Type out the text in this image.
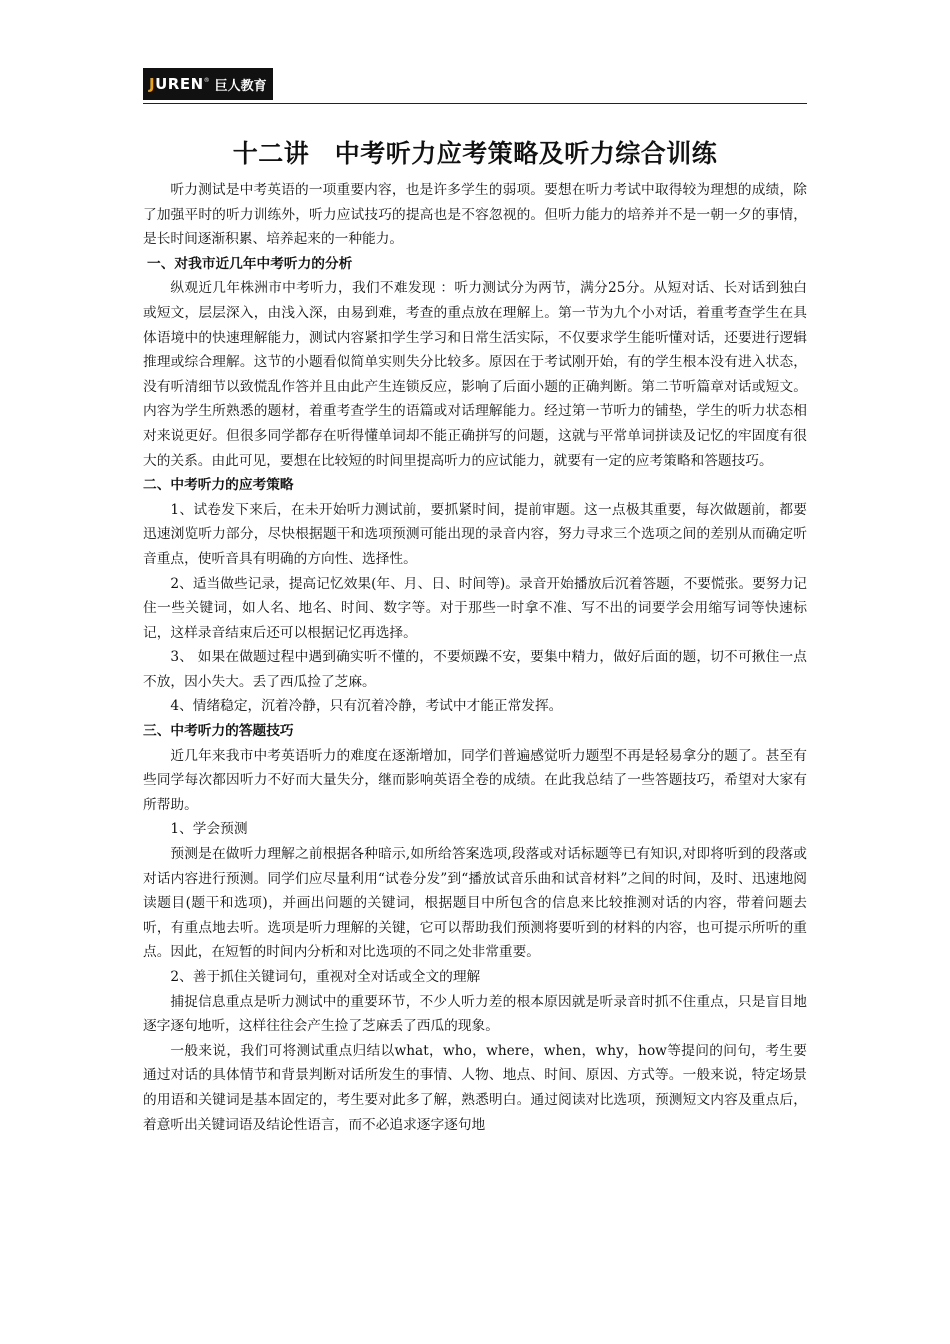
JUREN ® 巨人教育
十二讲　中考听力应考策略及听力综合训练

听力测试是中考英语的一项重要内容，也是许多学生的弱项。要想在听力考试中取得较为理想的成绩，除了加强平时的听力训练外，听力应试技巧的提高也是不容忽视的。但听力能力的培养并不是一朝一夕的事情，是长时间逐渐积累、培养起来的一种能力。

一、对我市近几年中考听力的分析

纵观近几年株洲市中考听力，我们不难发现 ：听力测试分为两节，满分25分。从短对话、长对话到独白或短文，层层深入，由浅入深，由易到难，考查的重点放在理解上。第一节为九个小对话，着重考查学生在具体语境中的快速理解能力，测试内容紧扣学生学习和日常生活实际，不仅要求学生能听懂对话，还要进行逻辑推理或综合理解。这节的小题看似简单实则失分比较多。原因在于考试刚开始，有的学生根本没有进入状态，没有听清细节以致慌乱作答并且由此产生连锁反应，影响了后面小题的正确判断。第二节听篇章对话或短文。内容为学生所熟悉的题材，着重考查学生的语篇或对话理解能力。经过第一节听力的铺垫，学生的听力状态相对来说更好。但很多同学都存在听得懂单词却不能正确拼写的问题，这就与平常单词拼读及记忆的牢固度有很大的关系。由此可见，要想在比较短的时间里提高听力的应试能力，就要有一定的应考策略和答题技巧。

二、中考听力的应考策略

1、试卷发下来后，在未开始听力测试前，要抓紧时间，提前审题。这一点极其重要，每次做题前，都要迅速浏览听力部分，尽快根据题干和选项预测可能出现的录音内容，努力寻求三个选项之间的差别从而确定听音重点，使听音具有明确的方向性、选择性。

2、适当做些记录，提高记忆效果(年、月、日、时间等)。录音开始播放后沉着答题，不要慌张。要努力记住一些关键词，如人名、地名、时间、数字等。对于那些一时拿不准、写不出的词要学会用缩写词等快速标记，这样录音结束后还可以根据记忆再选择。

3、 如果在做题过程中遇到确实听不懂的，不要烦躁不安，要集中精力，做好后面的题，切不可揪住一点不放，因小失大。丢了西瓜捡了芝麻。

4、情绪稳定，沉着冷静，只有沉着冷静，考试中才能正常发挥。

三、中考听力的答题技巧

近几年来我市中考英语听力的难度在逐渐增加，同学们普遍感觉听力题型不再是轻易拿分的题了。甚至有些同学每次都因听力不好而大量失分，继而影响英语全卷的成绩。在此我总结了一些答题技巧，希望对大家有所帮助。

1、学会预测

预测是在做听力理解之前根据各种暗示,如所给答案选项,段落或对话标题等已有知识,对即将听到的段落或对话内容进行预测。同学们应尽量利用“试卷分发”到“播放试音乐曲和试音材料”之间的时间，及时、迅速地阅读题目(题干和选项)，并画出问题的关键词，根据题目中所包含的信息来比较推测对话的内容，带着问题去听，有重点地去听。选项是听力理解的关键，它可以帮助我们预测将要听到的材料的内容，也可提示所听的重点。因此，在短暂的时间内分析和对比选项的不同之处非常重要。

2、善于抓住关键词句，重视对全对话或全文的理解

捕捉信息重点是听力测试中的重要环节，不少人听力差的根本原因就是听录音时抓不住重点，只是盲目地逐字逐句地听，这样往往会产生捡了芝麻丢了西瓜的现象。

一般来说，我们可将测试重点归结以what，who，where，when，why，how等提问的问句，考生要通过对话的具体情节和背景判断对话所发生的事情、人物、地点、时间、原因、方式等。一般来说，特定场景的用语和关键词是基本固定的，考生要对此多了解，熟悉明白。通过阅读对比选项，预测短文内容及重点后，着意听出关键词语及结论性语言，而不必追求逐字逐句地
